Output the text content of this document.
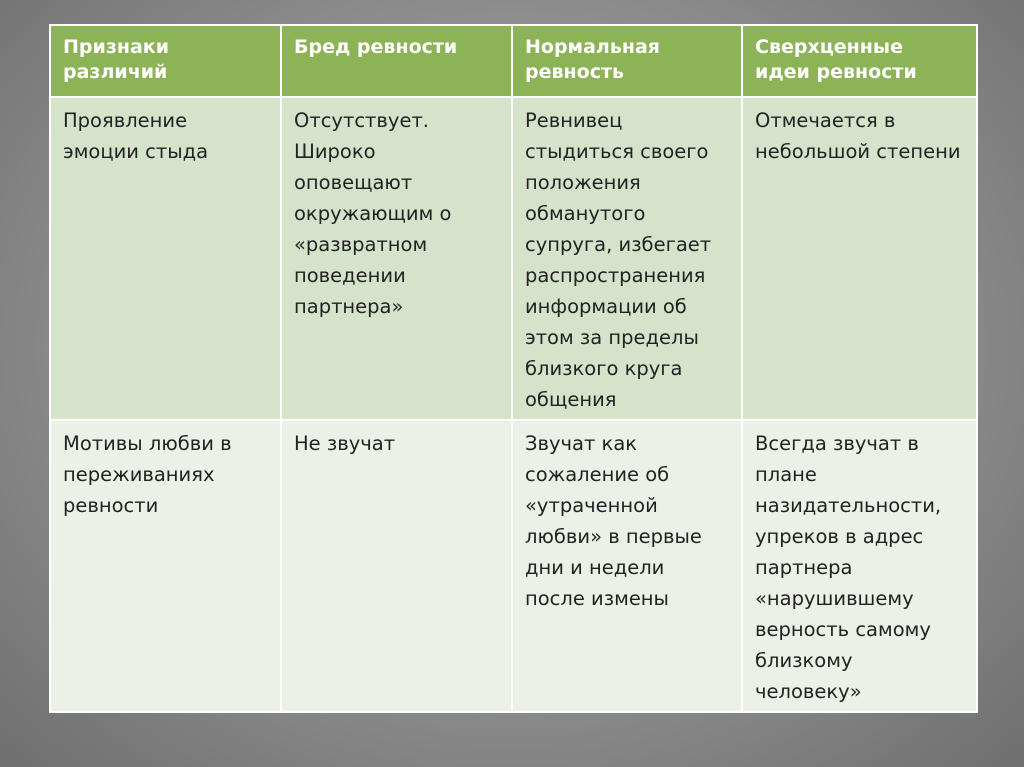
Признаки различий	Бред ревности	Нормальная ревность	Сверхценные идеи ревности
Проявление эмоции стыда	Отсутствует. Широко оповещают окружающим о «развратном поведении партнера»	Ревнивец стыдиться своего положения обманутого супруга, избегает распространения информации об этом за пределы близкого круга общения	Отмечается в небольшой степени
Мотивы любви в переживаниях ревности	Не звучат	Звучат как сожаление об «утраченной любви» в первые дни и недели после измены	Всегда звучат в плане назидательности, упреков в адрес партнера «нарушившему верность самому близкому человеку»
